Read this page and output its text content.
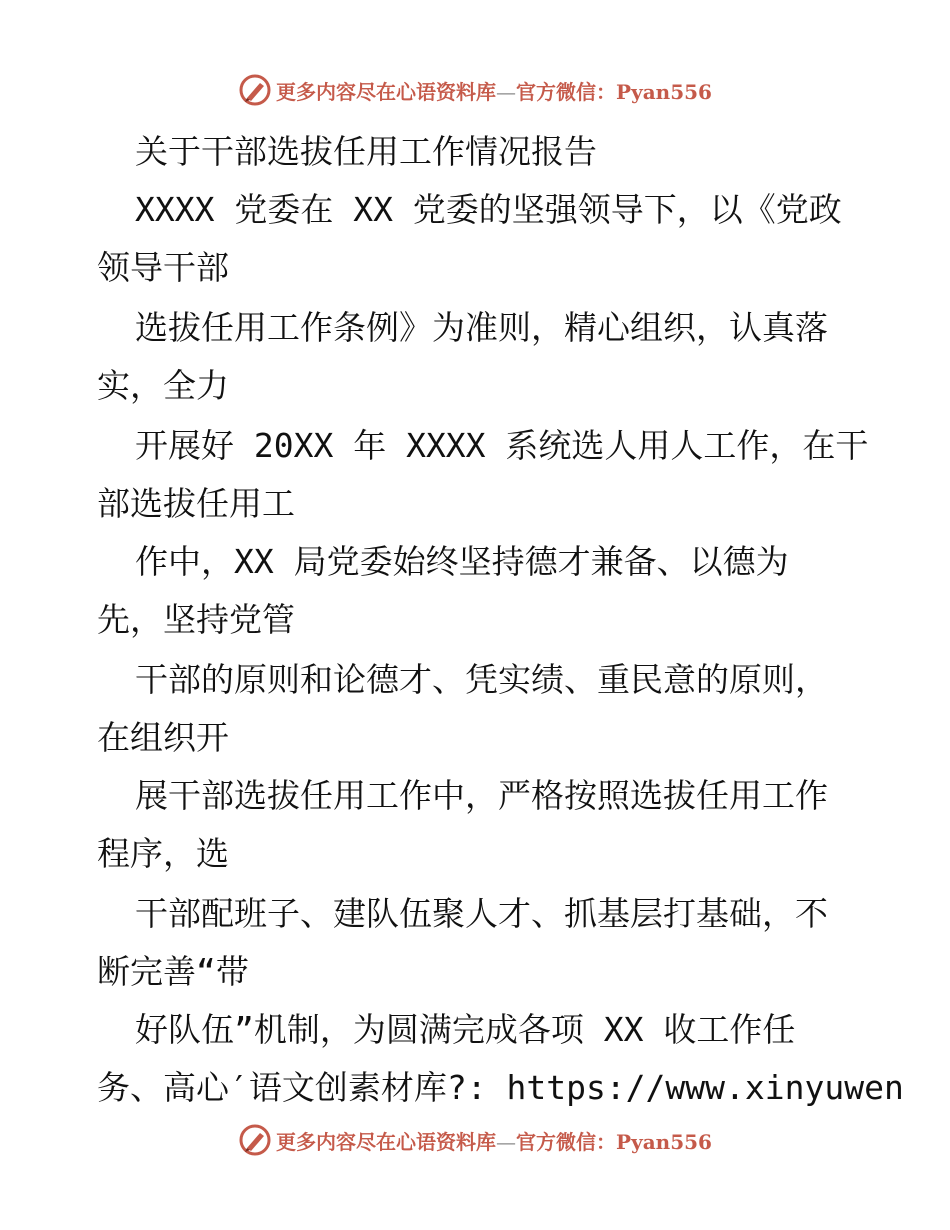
更多内容尽在心语资料库—官方微信：Pyan556
关于干部选拔任用工作情况报告
XXXX 党委在 XX 党委的坚强领导下，以《党政
领导干部
选拔任用工作条例》为准则，精心组织，认真落
实，全力
开展好 20XX 年 XXXX 系统选人用人工作，在干
部选拔任用工
作中，XX 局党委始终坚持德才兼备、以德为
先，坚持党管
干部的原则和论德才、凭实绩、重民意的原则，
在组织开
展干部选拔任用工作中，严格按照选拔任用工作
程序，选
干部配班子、建队伍聚人才、抓基层打基础，不
断完善“带
好队伍”机制，为圆满完成各项 XX 收工作任
务、高心′语文创素材库?: https://www.xinyuwen
更多内容尽在心语资料库—官方微信：Pyan556
